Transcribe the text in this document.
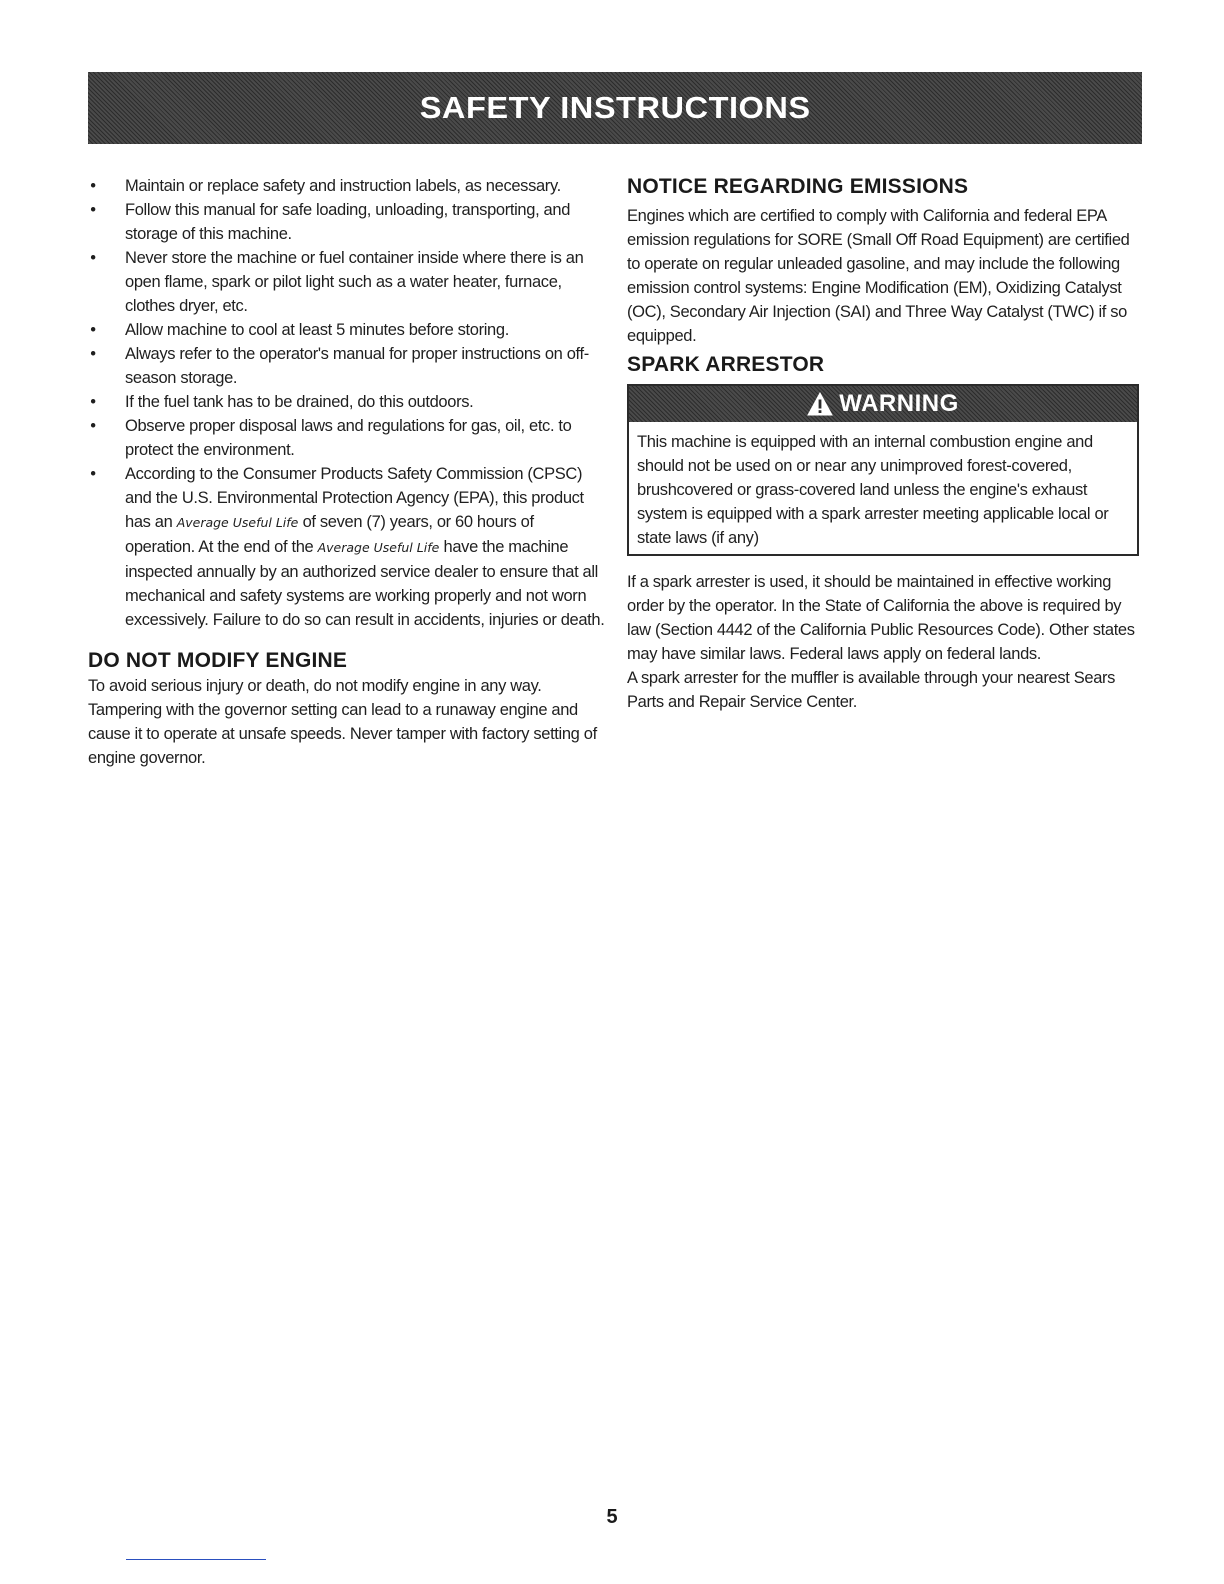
SAFETY INSTRUCTIONS
• Maintain or replace safety and instruction labels, as necessary.
• Follow this manual for safe loading, unloading, transporting, and storage of this machine.
• Never store the machine or fuel container inside where there is an open flame, spark or pilot light such as a water heater, furnace, clothes dryer, etc.
• Allow machine to cool at least 5 minutes before storing.
• Always refer to the operator's manual for proper instructions on off-season storage.
• If the fuel tank has to be drained, do this outdoors.
• Observe proper disposal laws and regulations for gas, oil, etc. to protect the environment.
• According to the Consumer Products Safety Commission (CPSC) and the U.S. Environmental Protection Agency (EPA), this product has an Average Useful Life of seven (7) years, or 60 hours of operation. At the end of the Average Useful Life have the machine inspected annually by an authorized service dealer to ensure that all mechanical and safety systems are working properly and not worn excessively. Failure to do so can result in accidents, injuries or death.
DO NOT MODIFY ENGINE

To avoid serious injury or death, do not modify engine in any way. Tampering with the governor setting can lead to a runaway engine and cause it to operate at unsafe speeds. Never tamper with factory setting of engine governor.

NOTICE REGARDING EMISSIONS

Engines which are certified to comply with California and federal EPA emission regulations for SORE (Small Off Road Equipment) are certified to operate on regular unleaded gasoline, and may include the following emission control systems: Engine Modification (EM), Oxidizing Catalyst (OC), Secondary Air Injection (SAI) and Three Way Catalyst (TWC) if so equipped.

SPARK ARRESTOR
WARNING
This machine is equipped with an internal combustion engine and should not be used on or near any unimproved forest-covered, brushcovered or grass-covered land unless the engine's exhaust system is equipped with a spark arrester meeting applicable local or state laws (if any)

If a spark arrester is used, it should be maintained in effective working order by the operator. In the State of California the above is required by law (Section 4442 of the California Public Resources Code). Other states may have similar laws. Federal laws apply on federal lands.

A spark arrester for the muffler is available through your nearest Sears Parts and Repair Service Center.

5
